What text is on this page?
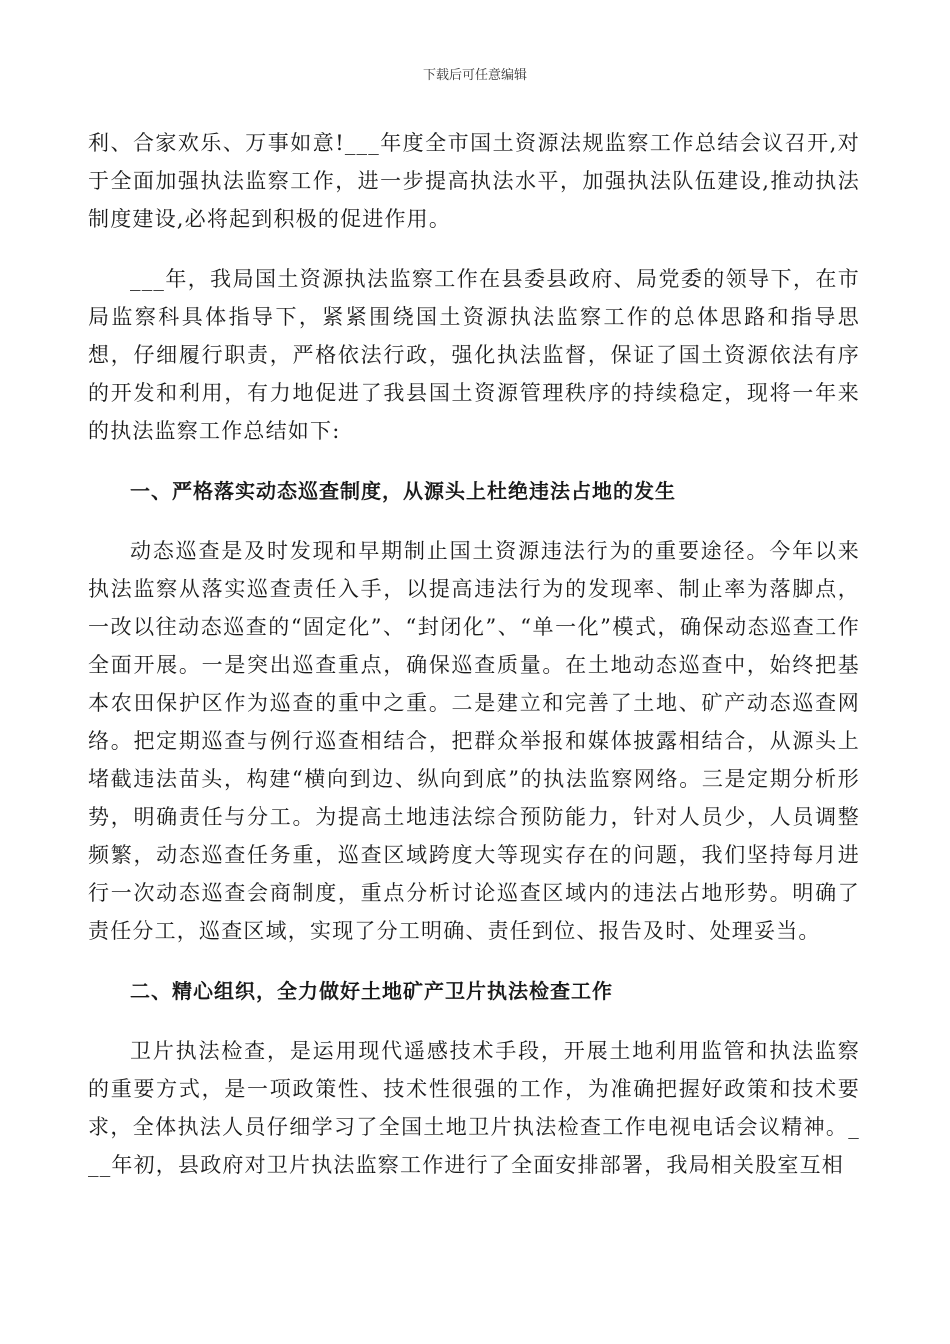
下载后可任意编辑

利、合家欢乐、万事如意!___年度全市国土资源法规监察工作总结会议召开,对于全面加强执法监察工作，进一步提高执法水平，加强执法队伍建设,推动执法制度建设,必将起到积极的促进作用。

___年，我局国土资源执法监察工作在县委县政府、局党委的领导下，在市局监察科具体指导下，紧紧围绕国土资源执法监察工作的总体思路和指导思想，仔细履行职责，严格依法行政，强化执法监督，保证了国土资源依法有序的开发和利用，有力地促进了我县国土资源管理秩序的持续稳定，现将一年来的执法监察工作总结如下:

一、严格落实动态巡查制度，从源头上杜绝违法占地的发生

动态巡查是及时发现和早期制止国土资源违法行为的重要途径。今年以来执法监察从落实巡查责任入手，以提高违法行为的发现率、制止率为落脚点，一改以往动态巡查的“固定化”、“封闭化”、“单一化”模式，确保动态巡查工作全面开展。一是突出巡查重点，确保巡查质量。在土地动态巡查中，始终把基本农田保护区作为巡查的重中之重。二是建立和完善了土地、矿产动态巡查网络。把定期巡查与例行巡查相结合，把群众举报和媒体披露相结合，从源头上堵截违法苗头，构建“横向到边、纵向到底”的执法监察网络。三是定期分析形势，明确责任与分工。为提高土地违法综合预防能力，针对人员少，人员调整频繁，动态巡查任务重，巡查区域跨度大等现实存在的问题，我们坚持每月进行一次动态巡查会商制度，重点分析讨论巡查区域内的违法占地形势。明确了责任分工，巡查区域，实现了分工明确、责任到位、报告及时、处理妥当。

二、精心组织，全力做好土地矿产卫片执法检查工作

卫片执法检查，是运用现代遥感技术手段，开展土地利用监管和执法监察的重要方式，是一项政策性、技术性很强的工作，为准确把握好政策和技术要求，全体执法人员仔细学习了全国土地卫片执法检查工作电视电话会议精神。___年初，县政府对卫片执法监察工作进行了全面安排部署，我局相关股室互相
